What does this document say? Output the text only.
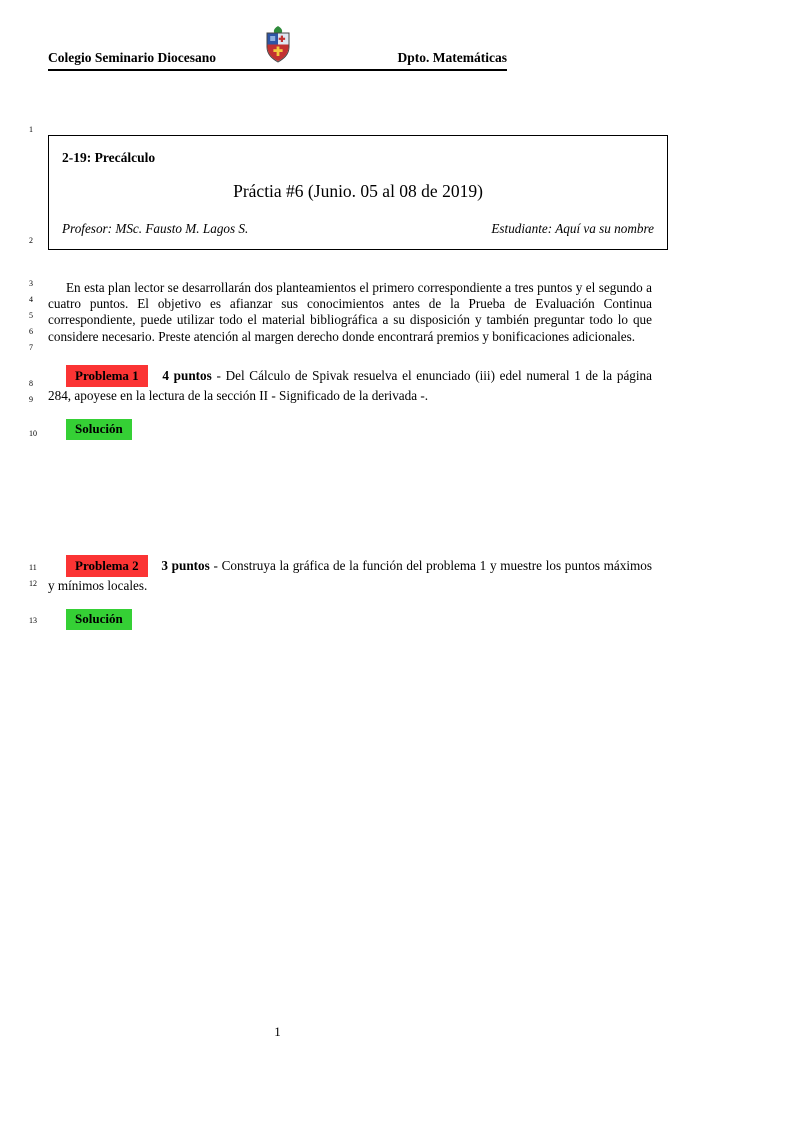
1
2
3
4
5
6
7
8
9
10
11
12
13
Colegio Seminario Diocesano	Dpto. Matemáticas
2-19: Precálculo
Práctia #6 (Junio. 05 al 08 de 2019)
Profesor: MSc. Fausto M. Lagos S.	Estudiante: Aquí va su nombre

En esta plan lector se desarrollarán dos planteamientos el primero correspondiente a tres puntos y el segundo a cuatro puntos. El objetivo es afianzar sus conocimientos antes de la Prueba de Evaluación Continua correspondiente, puede utilizar todo el material bibliográfica a su disposición y también preguntar todo lo que considere necesario. Preste atención al margen derecho donde encontrará premios y bonificaciones adicionales.

Problema 1 4 puntos - Del Cálculo de Spivak resuelva el enunciado (iii) edel numeral 1 de la página 284, apoyese en la lectura de la sección II - Significado de la derivada -.

Solución

Problema 2 3 puntos - Construya la gráfica de la función del problema 1 y muestre los puntos máximos y mínimos locales.

Solución
1
